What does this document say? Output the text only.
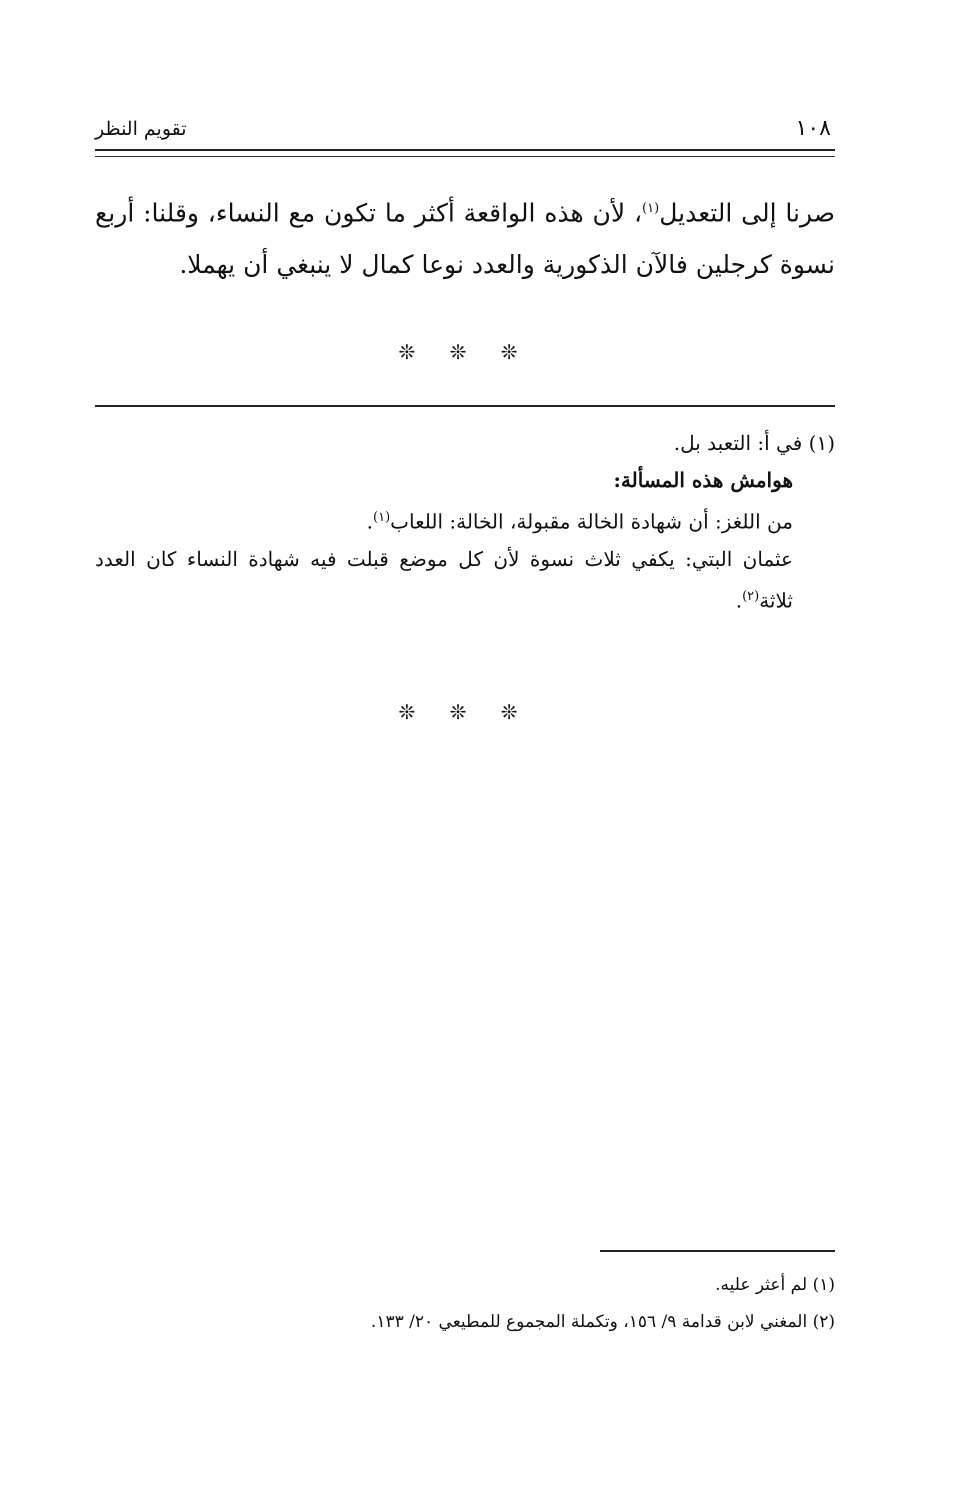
تقويم النظر	١٠٨

صرنا إلى التعديل$^{(١)}$، لأن هذه الواقعة أكثر ما تكون مع النساء، وقلنا: أربع نسوة كرجلين فالآن الذكورية والعدد نوعا كمال لا ينبغي أن يهملا.

❊ ❊ ❊

(١) في أ: التعبد بل.

هوامش هذه المسألة:

من اللغز: أن شهادة الخالة مقبولة، الخالة: اللعاب$^{(١)}$.

عثمان البتي: يكفي ثلاث نسوة لأن كل موضع قبلت فيه شهادة النساء كان العدد ثلاثة$^{(٢)}$.

❊ ❊ ❊

(١) لم أعثر عليه.

(٢) المغني لابن قدامة ٩/ ١٥٦، وتكملة المجموع للمطيعي ٢٠/ ١٣٣.
